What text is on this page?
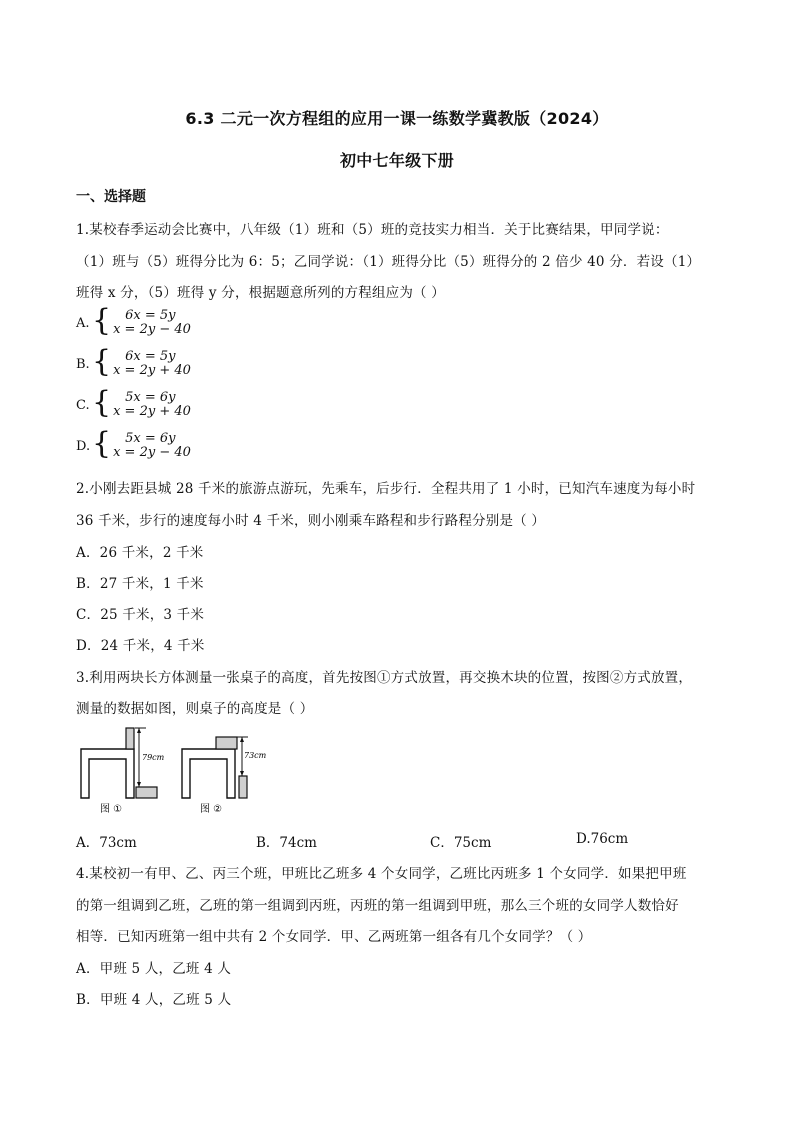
6.3 二元一次方程组的应用一课一练数学冀教版（2024）
初中七年级下册
一、选择题
1.某校春季运动会比赛中，八年级（1）班和（5）班的竞技实力相当．关于比赛结果，甲同学说：
（1）班与（5）班得分比为 6：5；乙同学说：（1）班得分比（5）班得分的 2 倍少 40 分．若设（1）
班得 x 分，（5）班得 y 分，根据题意所列的方程组应为（ ）
A. {	6x = 5y
x = 2y − 40
B. {	6x = 5y
x = 2y + 40
C. {	5x = 6y
x = 2y + 40
D. {	5x = 6y
x = 2y − 40
2.小刚去距县城 28 千米的旅游点游玩，先乘车，后步行．全程共用了 1 小时，已知汽车速度为每小时
36 千米，步行的速度每小时 4 千米，则小刚乘车路程和步行路程分别是（ ）
A．26 千米，2 千米
B．27 千米，1 千米
C．25 千米，3 千米
D．24 千米，4 千米
3.利用两块长方体测量一张桌子的高度，首先按图①方式放置，再交换木块的位置，按图②方式放置，
测量的数据如图，则桌子的高度是（ ）
79cm
图 ①
73cm
图 ②
A．73cm	B．74cm	C．75cm	D.76cm
4.某校初一有甲、乙、丙三个班，甲班比乙班多 4 个女同学，乙班比丙班多 1 个女同学．如果把甲班
的第一组调到乙班，乙班的第一组调到丙班，丙班的第一组调到甲班，那么三个班的女同学人数恰好
相等．已知丙班第一组中共有 2 个女同学．甲、乙两班第一组各有几个女同学？（ ）
A．甲班 5 人，乙班 4 人
B．甲班 4 人，乙班 5 人
